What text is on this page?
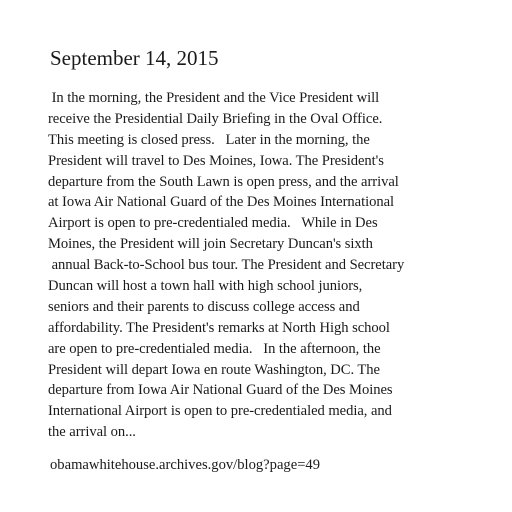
September 14, 2015
In the morning, the President and the Vice President will
receive the Presidential Daily Briefing in the Oval Office.
This meeting is closed press.   Later in the morning, the
President will travel to Des Moines, Iowa. The President's
departure from the South Lawn is open press, and the arrival
at Iowa Air National Guard of the Des Moines International
Airport is open to pre-credentialed media.   While in Des
Moines, the President will join Secretary Duncan's sixth
annual Back-to-School bus tour. The President and Secretary
Duncan will host a town hall with high school juniors,
seniors and their parents to discuss college access and
affordability. The President's remarks at North High school
are open to pre-credentialed media.   In the afternoon, the
President will depart Iowa en route Washington, DC. The
departure from Iowa Air National Guard of the Des Moines
International Airport is open to pre-credentialed media, and
the arrival on...
obamawhitehouse.archives.gov/blog?page=49
